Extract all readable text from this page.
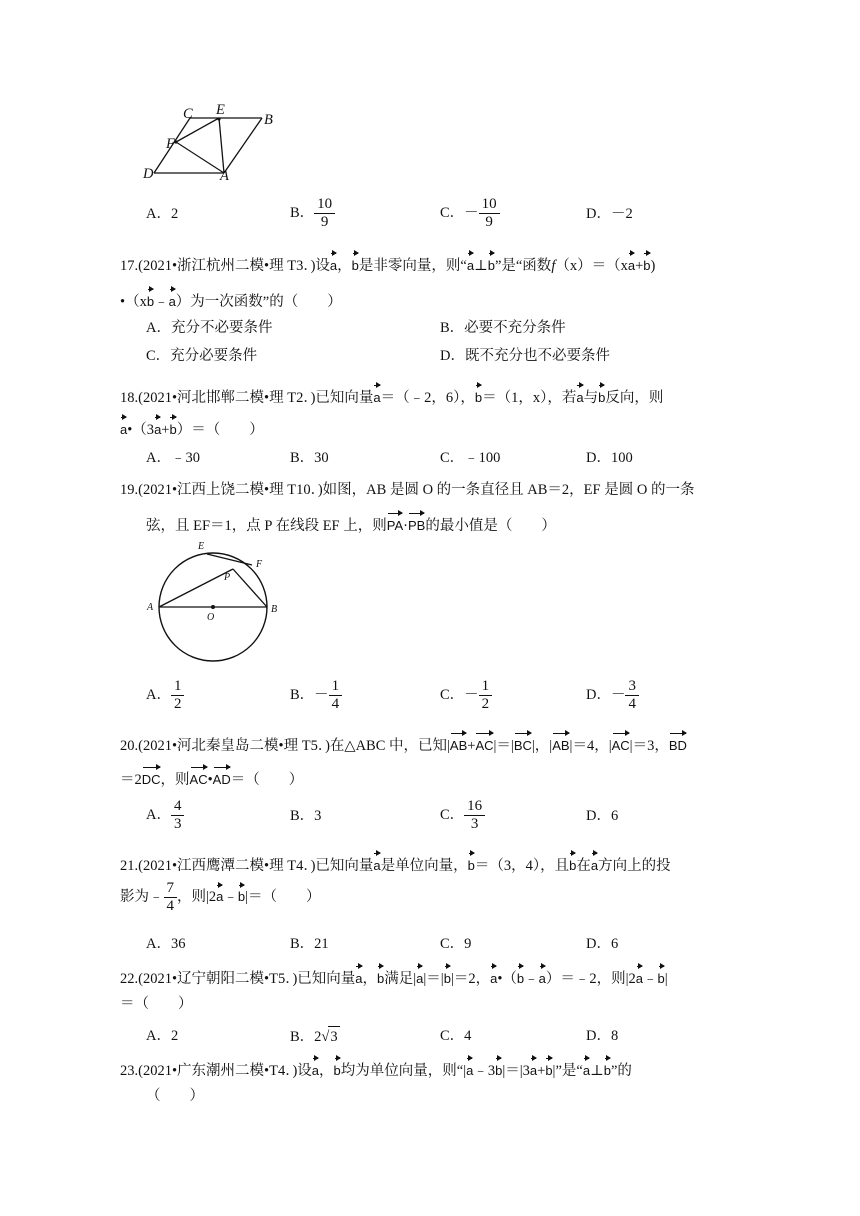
C E
B
F
D	A
A．2	B． $\frac{10}{9}$	C．－ $\frac{10}{9}$	D．－2
17.(2021•浙江杭州二模•理 T3．)设a，b是非零向量，则“a⊥b”是“函数f（x）＝（xa+b)
•（xb﹣a）为一次函数”的（　　）
A．充分不必要条件	B．必要不充分条件
C．充分必要条件	D．既不充分也不必要条件
18.(2021•河北邯郸二模•理 T2．)已知向量a＝（﹣2，6），b＝（1，x），若a与b反向，则
a•（3a+b）＝（　　）
A．﹣30	B．30	C．﹣100	D．100
19.(2021•江西上饶二模•理 T10．)如图，AB 是圆 O 的一条直径且 AB＝2，EF 是圆 O 的一条
弦，且 EF＝1，点 P 在线段 EF 上，则PA·PB的最小值是（　　）
E
F
P
A
O
B
A． $\frac{1}{2}$	B．－ $\frac{1}{4}$	C．－ $\frac{1}{2}$	D．－ $\frac{3}{4}$
20.(2021•河北秦皇岛二模•理 T5．)在△ABC 中，已知|AB+AC|＝|BC|，|AB|＝4，|AC|＝3，BD
＝2DC，则AC•AD＝（　　）
A． $\frac{4}{3}$	B．3	C． $\frac{16}{3}$	D．6
21.(2021•江西鹰潭二模•理 T4．)已知向量a是单位向量，b＝（3，4），且b在a方向上的投
影为﹣ $\frac{7}{4}$ ，则|2a﹣b|＝（　　）
A．36	B．21	C．9	D．6
22.(2021•辽宁朝阳二模•T5．)已知向量a，b满足|a|＝|b|＝2，a•（b﹣a）＝﹣2，则|2a﹣b|
＝（　　）
A．2	B．2√3	C．4	D．8
23.(2021•广东潮州二模•T4．)设a，b均为单位向量，则“|a﹣3b|＝|3a+b|”是“a⊥b”的
（　　）
